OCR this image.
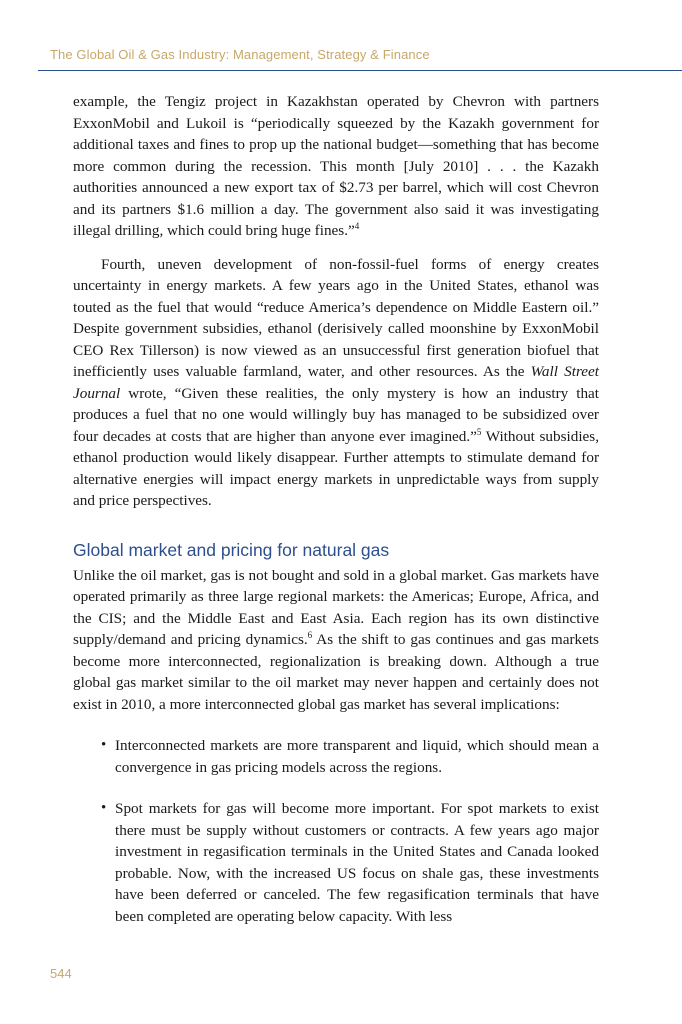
The Global Oil & Gas Industry: Management, Strategy & Finance

example, the Tengiz project in Kazakhstan operated by Chevron with partners ExxonMobil and Lukoil is “periodically squeezed by the Kazakh government for additional taxes and fines to prop up the national budget—something that has become more common during the recession. This month [July 2010] . . . the Kazakh authorities announced a new export tax of $2.73 per barrel, which will cost Chevron and its partners $1.6 million a day. The government also said it was investigating illegal drilling, which could bring huge fines.”$^4$

Fourth, uneven development of non-fossil-fuel forms of energy creates uncertainty in energy markets. A few years ago in the United States, ethanol was touted as the fuel that would “reduce America’s dependence on Middle Eastern oil.” Despite government subsidies, ethanol (derisively called moonshine by ExxonMobil CEO Rex Tillerson) is now viewed as an unsuccessful first generation biofuel that inefficiently uses valuable farmland, water, and other resources. As the Wall Street Journal wrote, “Given these realities, the only mystery is how an industry that produces a fuel that no one would willingly buy has managed to be subsidized over four decades at costs that are higher than anyone ever imagined.”$^5$ Without subsidies, ethanol production would likely disappear. Further attempts to stimulate demand for alternative energies will impact energy markets in unpredictable ways from supply and price perspectives.

Global market and pricing for natural gas

Unlike the oil market, gas is not bought and sold in a global market. Gas markets have operated primarily as three large regional markets: the Americas; Europe, Africa, and the CIS; and the Middle East and East Asia. Each region has its own distinctive supply/demand and pricing dynamics.$^6$ As the shift to gas continues and gas markets become more interconnected, regionalization is breaking down. Although a true global gas market similar to the oil market may never happen and certainly does not exist in 2010, a more interconnected global gas market has several implications:

• Interconnected markets are more transparent and liquid, which should mean a convergence in gas pricing models across the regions.

• Spot markets for gas will become more important. For spot markets to exist there must be supply without customers or contracts. A few years ago major investment in regasification terminals in the United States and Canada looked probable. Now, with the increased US focus on shale gas, these investments have been deferred or canceled. The few regasification terminals that have been completed are operating below capacity. With less

544
